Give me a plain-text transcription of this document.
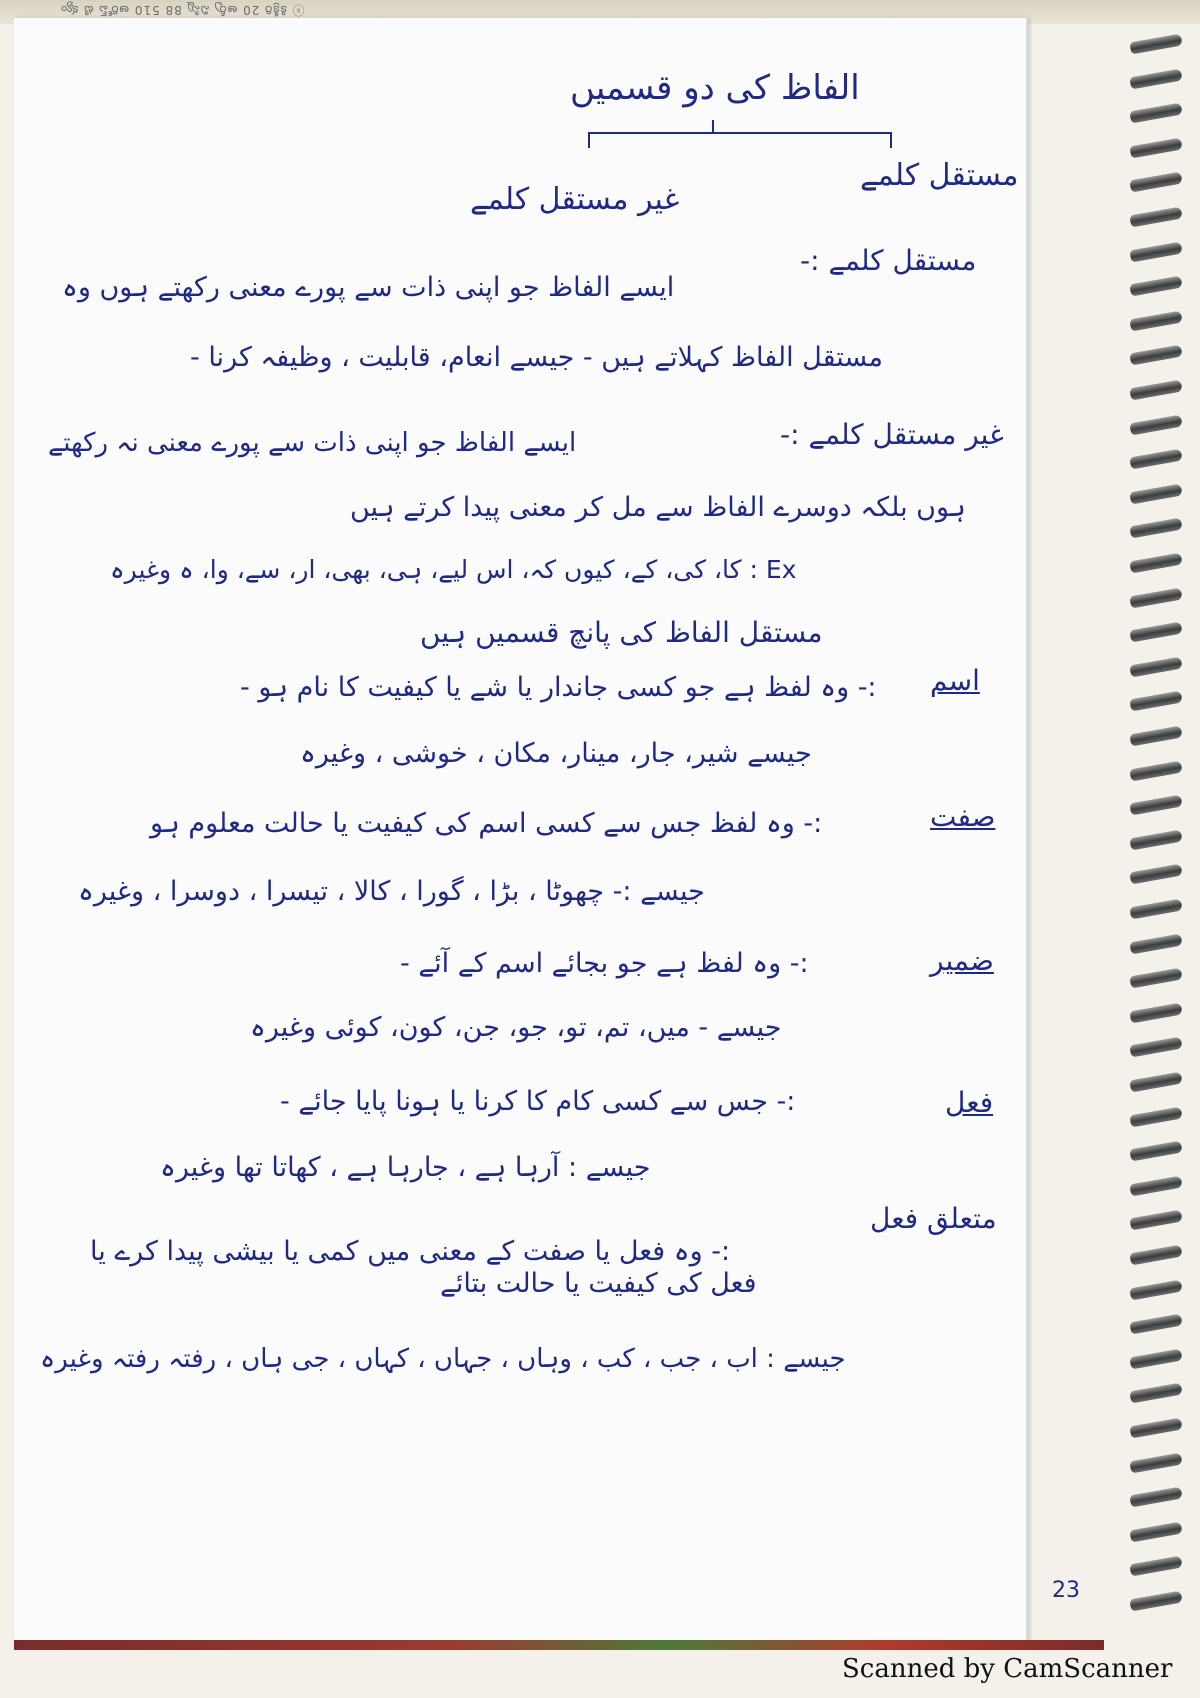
ⓢ కిక్రీరి 20 ఆర్చీ నిస్ని 88 510 ఆరోప్ టి క్యం
الفاظ کی دو قسمیں
مستقل کلمے
غیر مستقل کلمے
مستقل کلمے :-
ایسے الفاظ جو اپنی ذات سے پورے معنی رکھتے ہوں وہ
مستقل الفاظ کہلاتے ہیں - جیسے انعام، قابلیت ، وظیفہ کرنا -
غیر مستقل کلمے :-
ایسے الفاظ جو اپنی ذات سے پورے معنی نہ رکھتے
ہوں بلکہ دوسرے الفاظ سے مل کر معنی پیدا کرتے ہیں
Ex : کا، کی، کے، کیوں کہ، اس لیے، ہی، بھی، ار، سے، وا، ہ وغیرہ
مستقل الفاظ کی پانچ قسمیں ہیں
اسم
:- وہ لفظ ہے جو کسی جاندار یا شے یا کیفیت کا نام ہو -
جیسے شیر، جار، مینار، مکان ، خوشی ، وغیرہ
صفت
:- وہ لفظ جس سے کسی اسم کی کیفیت یا حالت معلوم ہو
جیسے :- چھوٹا ، بڑا ، گورا ، کالا ، تیسرا ، دوسرا ، وغیرہ
ضمیر
:- وہ لفظ ہے جو بجائے اسم کے آئے -
جیسے - میں، تم، تو، جو، جن، کون، کوئی وغیرہ
فعل
:- جس سے کسی کام کا کرنا یا ہونا پایا جائے -
جیسے : آرہا ہے ، جارہا ہے ، کھاتا تھا وغیرہ
متعلق فعل
:- وہ فعل یا صفت کے معنی میں کمی یا بیشی پیدا کرے یا
فعل کی کیفیت یا حالت بتائے
جیسے : اب ، جب ، کب ، وہاں ، جہاں ، کہاں ، جی ہاں ، رفتہ رفتہ وغیرہ
23
Scanned by CamScanner
